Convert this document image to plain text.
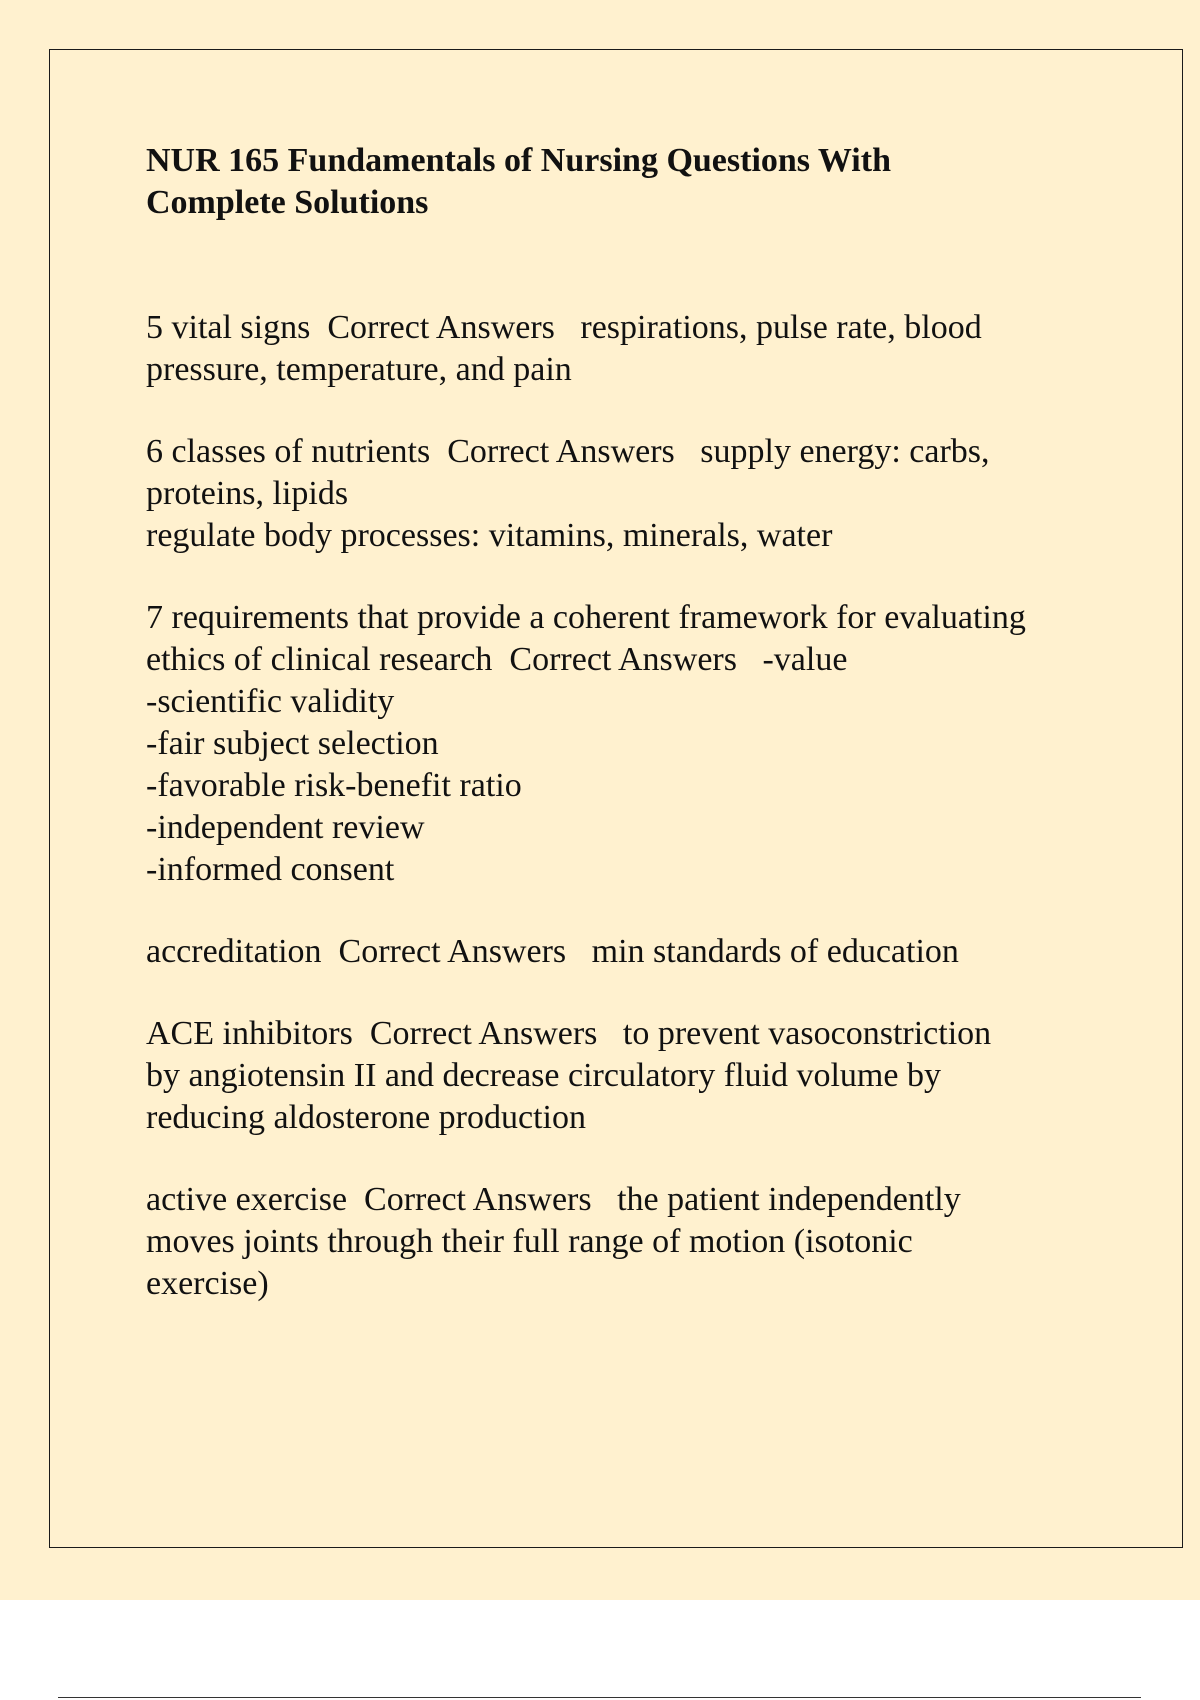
NUR 165 Fundamentals of Nursing Questions With
Complete Solutions

5 vital signs  Correct Answers   respirations, pulse rate, blood
pressure, temperature, and pain

6 classes of nutrients  Correct Answers   supply energy: carbs,
proteins, lipids
regulate body processes: vitamins, minerals, water

7 requirements that provide a coherent framework for evaluating
ethics of clinical research  Correct Answers   -value
-scientific validity
-fair subject selection
-favorable risk-benefit ratio
-independent review
-informed consent

accreditation  Correct Answers   min standards of education

ACE inhibitors  Correct Answers   to prevent vasoconstriction
by angiotensin II and decrease circulatory fluid volume by
reducing aldosterone production

active exercise  Correct Answers   the patient independently
moves joints through their full range of motion (isotonic
exercise)
